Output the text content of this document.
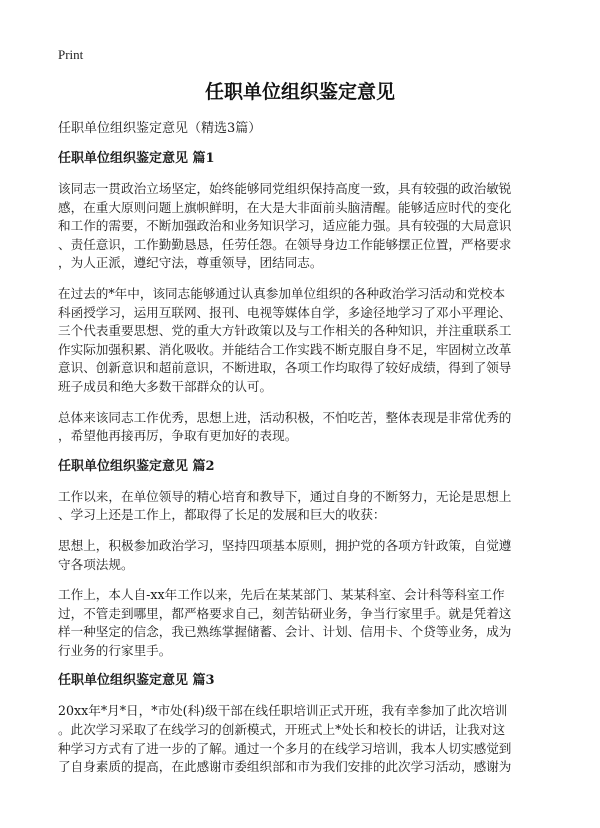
Print
任职单位组织鉴定意见
任职单位组织鉴定意见（精选3篇）
任职单位组织鉴定意见 篇1

该同志一贯政治立场坚定，始终能够同党组织保持高度一致，具有较强的政治敏锐
感，在重大原则问题上旗帜鲜明，在大是大非面前头脑清醒。能够适应时代的变化
和工作的需要，不断加强政治和业务知识学习，适应能力强。具有较强的大局意识
、责任意识，工作勤勤恳恳，任劳任怨。在领导身边工作能够摆正位置，严格要求
，为人正派，遵纪守法，尊重领导，团结同志。

在过去的*年中，该同志能够通过认真参加单位组织的各种政治学习活动和党校本
科函授学习，运用互联网、报刊、电视等媒体自学，多途径地学习了邓小平理论、
三个代表重要思想、党的重大方针政策以及与工作相关的各种知识，并注重联系工
作实际加强积累、消化吸收。并能结合工作实践不断克服自身不足，牢固树立改革
意识、创新意识和超前意识，不断进取，各项工作均取得了较好成绩，得到了领导
班子成员和绝大多数干部群众的认可。

总体来该同志工作优秀，思想上进，活动积极，不怕吃苦，整体表现是非常优秀的
，希望他再接再厉，争取有更加好的表现。

任职单位组织鉴定意见 篇2

工作以来，在单位领导的精心培育和教导下，通过自身的不断努力，无论是思想上
、学习上还是工作上，都取得了长足的发展和巨大的收获：

思想上，积极参加政治学习，坚持四项基本原则，拥护党的各项方针政策，自觉遵
守各项法规。

工作上，本人自-xx年工作以来，先后在某某部门、某某科室、会计科等科室工作
过，不管走到哪里，都严格要求自己，刻苦钻研业务，争当行家里手。就是凭着这
样一种坚定的信念，我已熟练掌握储蓄、会计、计划、信用卡、个贷等业务，成为
行业务的行家里手。

任职单位组织鉴定意见 篇3

20xx年*月*日，*市处(科)级干部在线任职培训正式开班，我有幸参加了此次培训
。此次学习采取了在线学习的创新模式，开班式上*处长和校长的讲话，让我对这
种学习方式有了进一步的了解。通过一个多月的在线学习培训，我本人切实感觉到
了自身素质的提高，在此感谢市委组织部和市为我们安排的此次学习活动，感谢为
